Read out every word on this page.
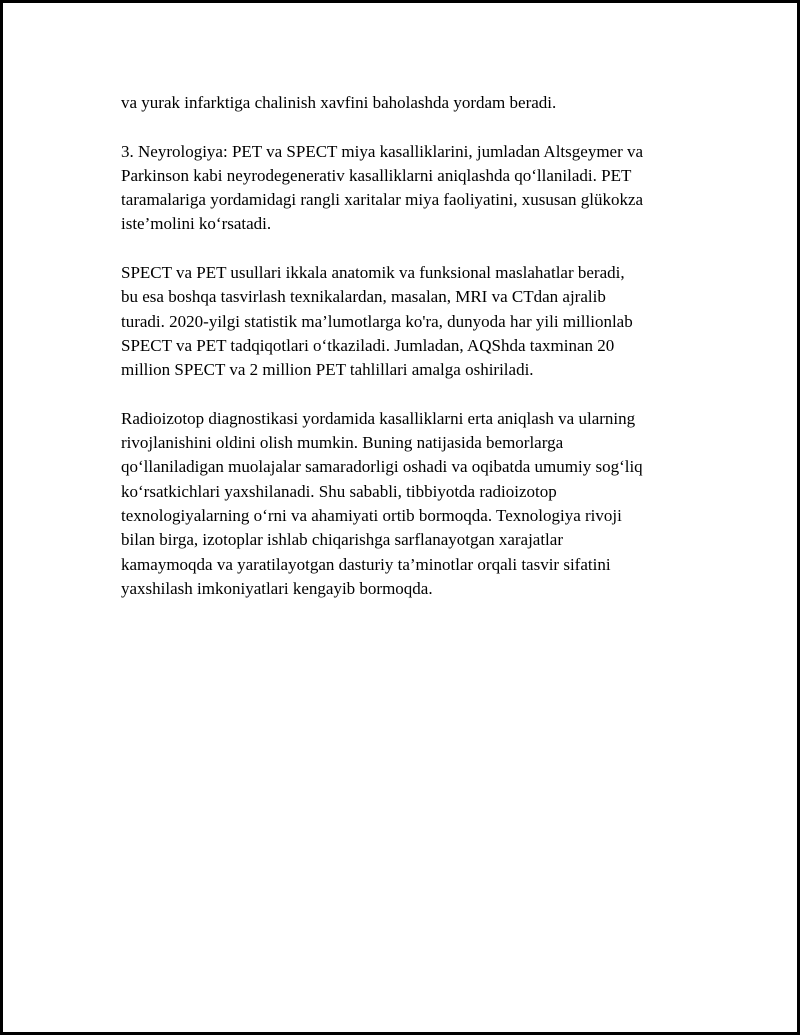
va yurak infarktiga chalinish xavfini baholashda yordam beradi.

3. Neyrologiya: PET va SPECT miya kasalliklarini, jumladan Altsgeymer va
Parkinson kabi neyrodegenerativ kasalliklarni aniqlashda qo‘llaniladi. PET
taramalariga yordamidagi rangli xaritalar miya faoliyatini, xususan glükokza
iste’molini ko‘rsatadi.

SPECT va PET usullari ikkala anatomik va funksional maslahatlar beradi,
bu esa boshqa tasvirlash texnikalardan, masalan, MRI va CTdan ajralib
turadi. 2020-yilgi statistik ma’lumotlarga ko'ra, dunyoda har yili millionlab
SPECT va PET tadqiqotlari o‘tkaziladi. Jumladan, AQShda taxminan 20
million SPECT va 2 million PET tahlillari amalga oshiriladi.

Radioizotop diagnostikasi yordamida kasalliklarni erta aniqlash va ularning
rivojlanishini oldini olish mumkin. Buning natijasida bemorlarga
qo‘llaniladigan muolajalar samaradorligi oshadi va oqibatda umumiy sog‘liq
ko‘rsatkichlari yaxshilanadi. Shu sababli, tibbiyotda radioizotop
texnologiyalarning o‘rni va ahamiyati ortib bormoqda. Texnologiya rivoji
bilan birga, izotoplar ishlab chiqarishga sarflanayotgan xarajatlar
kamaymoqda va yaratilayotgan dasturiy ta’minotlar orqali tasvir sifatini
yaxshilash imkoniyatlari kengayib bormoqda.
